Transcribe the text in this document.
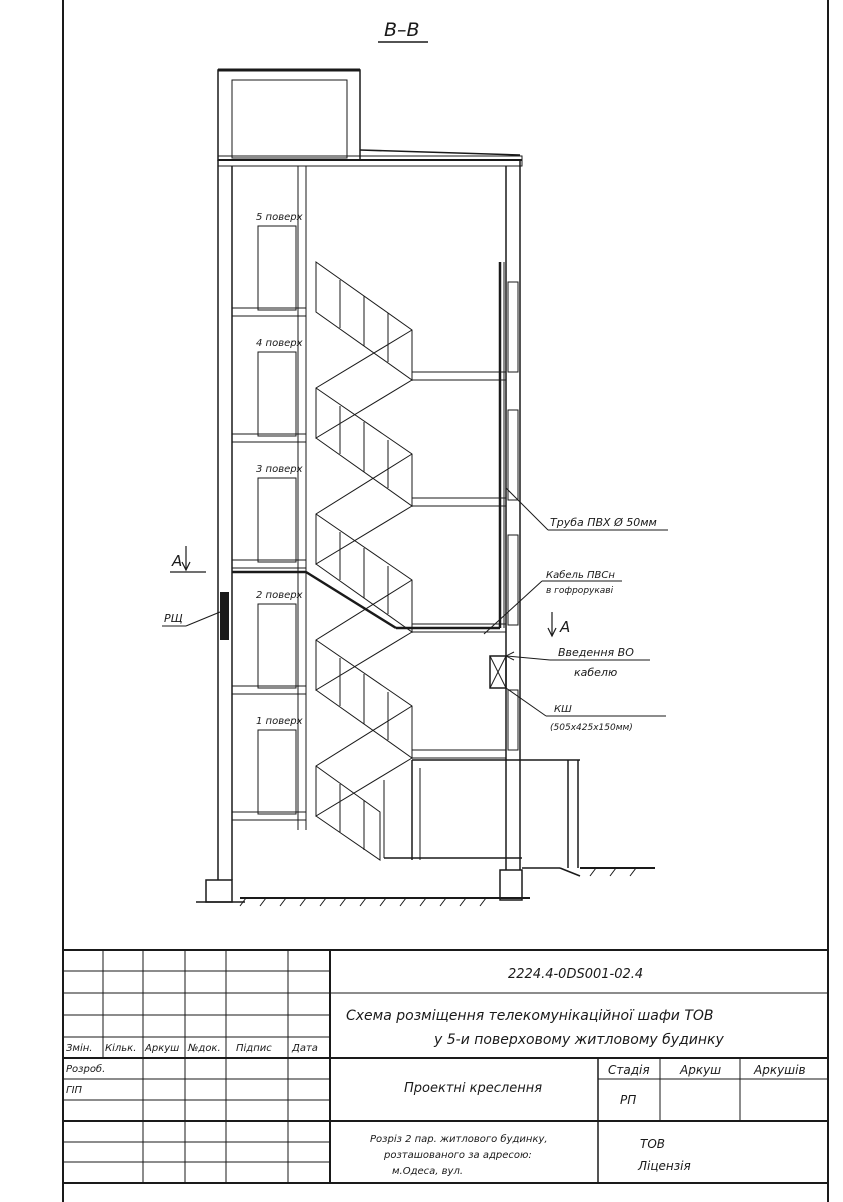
В–В
5 поверх
4 поверх
3 поверх
2 поверх
1 поверх
А
А
РЩ
Труба ПВХ Ø 50мм
Кабель ПВСн
в гофрорукаві
Введення ВО
кабелю
КШ
(505х425х150мм)
2224.4-0DS001-02.4
Схема розміщення телекомунікаційної шафи ТОВ
у 5-и поверховому житловому будинку
Змін. Кільк. Аркуш №док. Підпис Дата
Розроб.
ГІП	Проектні креслення
Стадія	Аркуш	Аркушів
РП
Розріз 2 пар. житлового будинку,
розташованого за адресою:
м.Одеса, вул.
ТОВ
Ліцензія
